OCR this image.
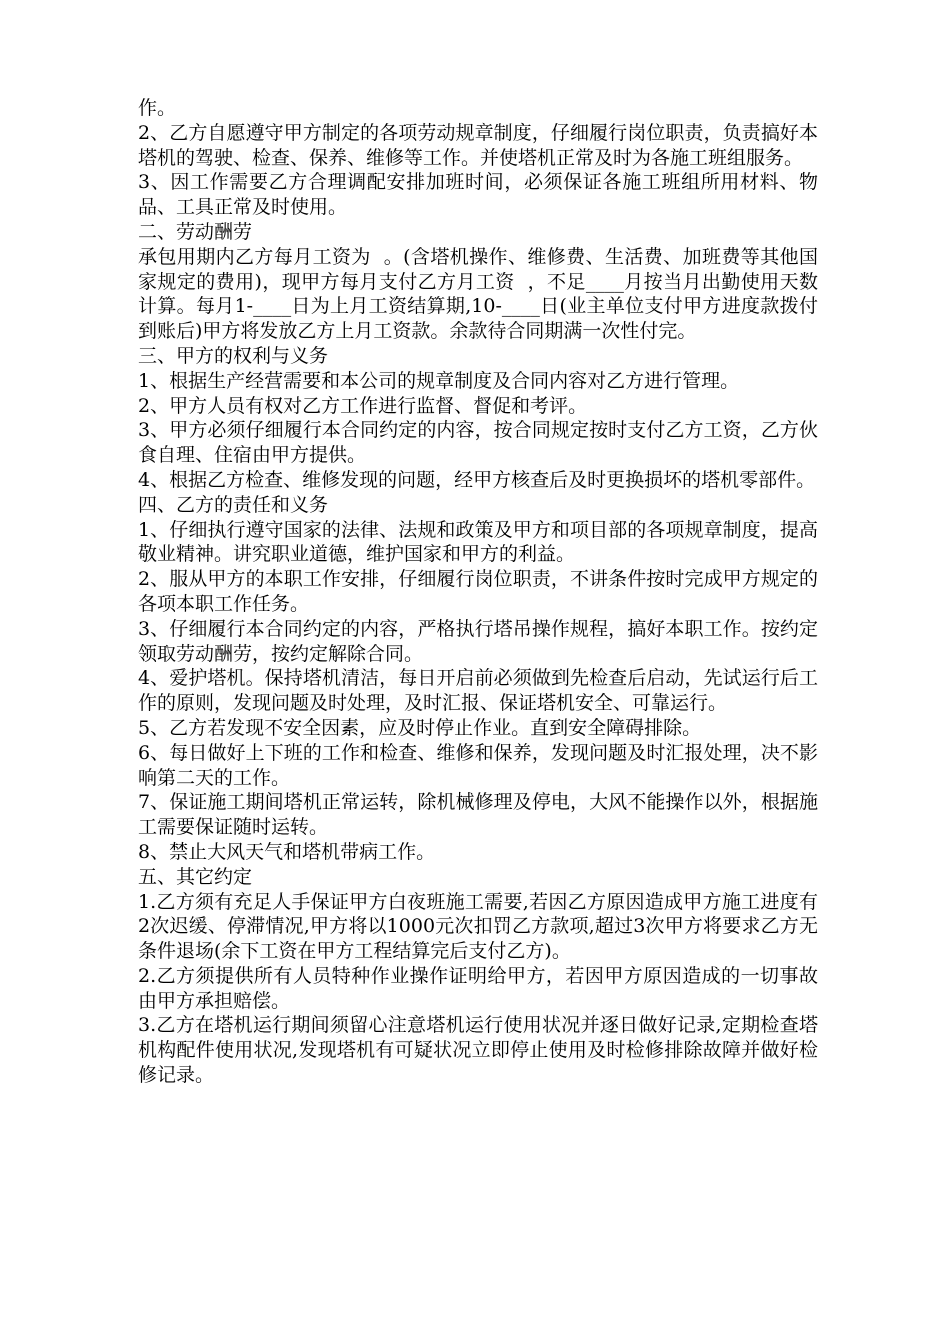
作。

2、乙方自愿遵守甲方制定的各项劳动规章制度，仔细履行岗位职责，负责搞好本塔机的驾驶、检查、保养、维修等工作。并使塔机正常及时为各施工班组服务。

3、因工作需要乙方合理调配安排加班时间，必须保证各施工班组所用材料、物品、工具正常及时使用。

二、劳动酬劳

承包用期内乙方每月工资为  。(含塔机操作、维修费、生活费、加班费等其他国家规定的费用)，现甲方每月支付乙方月工资  ，不足____月按当月出勤使用天数计算。每月1-____日为上月工资结算期,10-____日(业主单位支付甲方进度款拨付到账后)甲方将发放乙方上月工资款。余款待合同期满一次性付完。

三、甲方的权利与义务

1、根据生产经营需要和本公司的规章制度及合同内容对乙方进行管理。

2、甲方人员有权对乙方工作进行监督、督促和考评。

3、甲方必须仔细履行本合同约定的内容，按合同规定按时支付乙方工资，乙方伙食自理、住宿由甲方提供。

4、根据乙方检查、维修发现的问题，经甲方核查后及时更换损坏的塔机零部件。

四、乙方的责任和义务

1、仔细执行遵守国家的法律、法规和政策及甲方和项目部的各项规章制度，提高敬业精神。讲究职业道德，维护国家和甲方的利益。

2、服从甲方的本职工作安排，仔细履行岗位职责，不讲条件按时完成甲方规定的各项本职工作任务。

3、仔细履行本合同约定的内容，严格执行塔吊操作规程，搞好本职工作。按约定领取劳动酬劳，按约定解除合同。

4、爱护塔机。保持塔机清洁，每日开启前必须做到先检查后启动，先试运行后工作的原则，发现问题及时处理，及时汇报、保证塔机安全、可靠运行。

5、乙方若发现不安全因素，应及时停止作业。直到安全障碍排除。

6、每日做好上下班的工作和检查、维修和保养，发现问题及时汇报处理，决不影响第二天的工作。

7、保证施工期间塔机正常运转，除机械修理及停电，大风不能操作以外，根据施工需要保证随时运转。

8、禁止大风天气和塔机带病工作。

五、其它约定

1.乙方须有充足人手保证甲方白夜班施工需要,若因乙方原因造成甲方施工进度有2次迟缓、停滞情况,甲方将以1000元次扣罚乙方款项,超过3次甲方将要求乙方无条件退场(余下工资在甲方工程结算完后支付乙方)。

2.乙方须提供所有人员特种作业操作证明给甲方，若因甲方原因造成的一切事故由甲方承担赔偿。

3.乙方在塔机运行期间须留心注意塔机运行使用状况并逐日做好记录,定期检查塔机构配件使用状况,发现塔机有可疑状况立即停止使用及时检修排除故障并做好检修记录。
